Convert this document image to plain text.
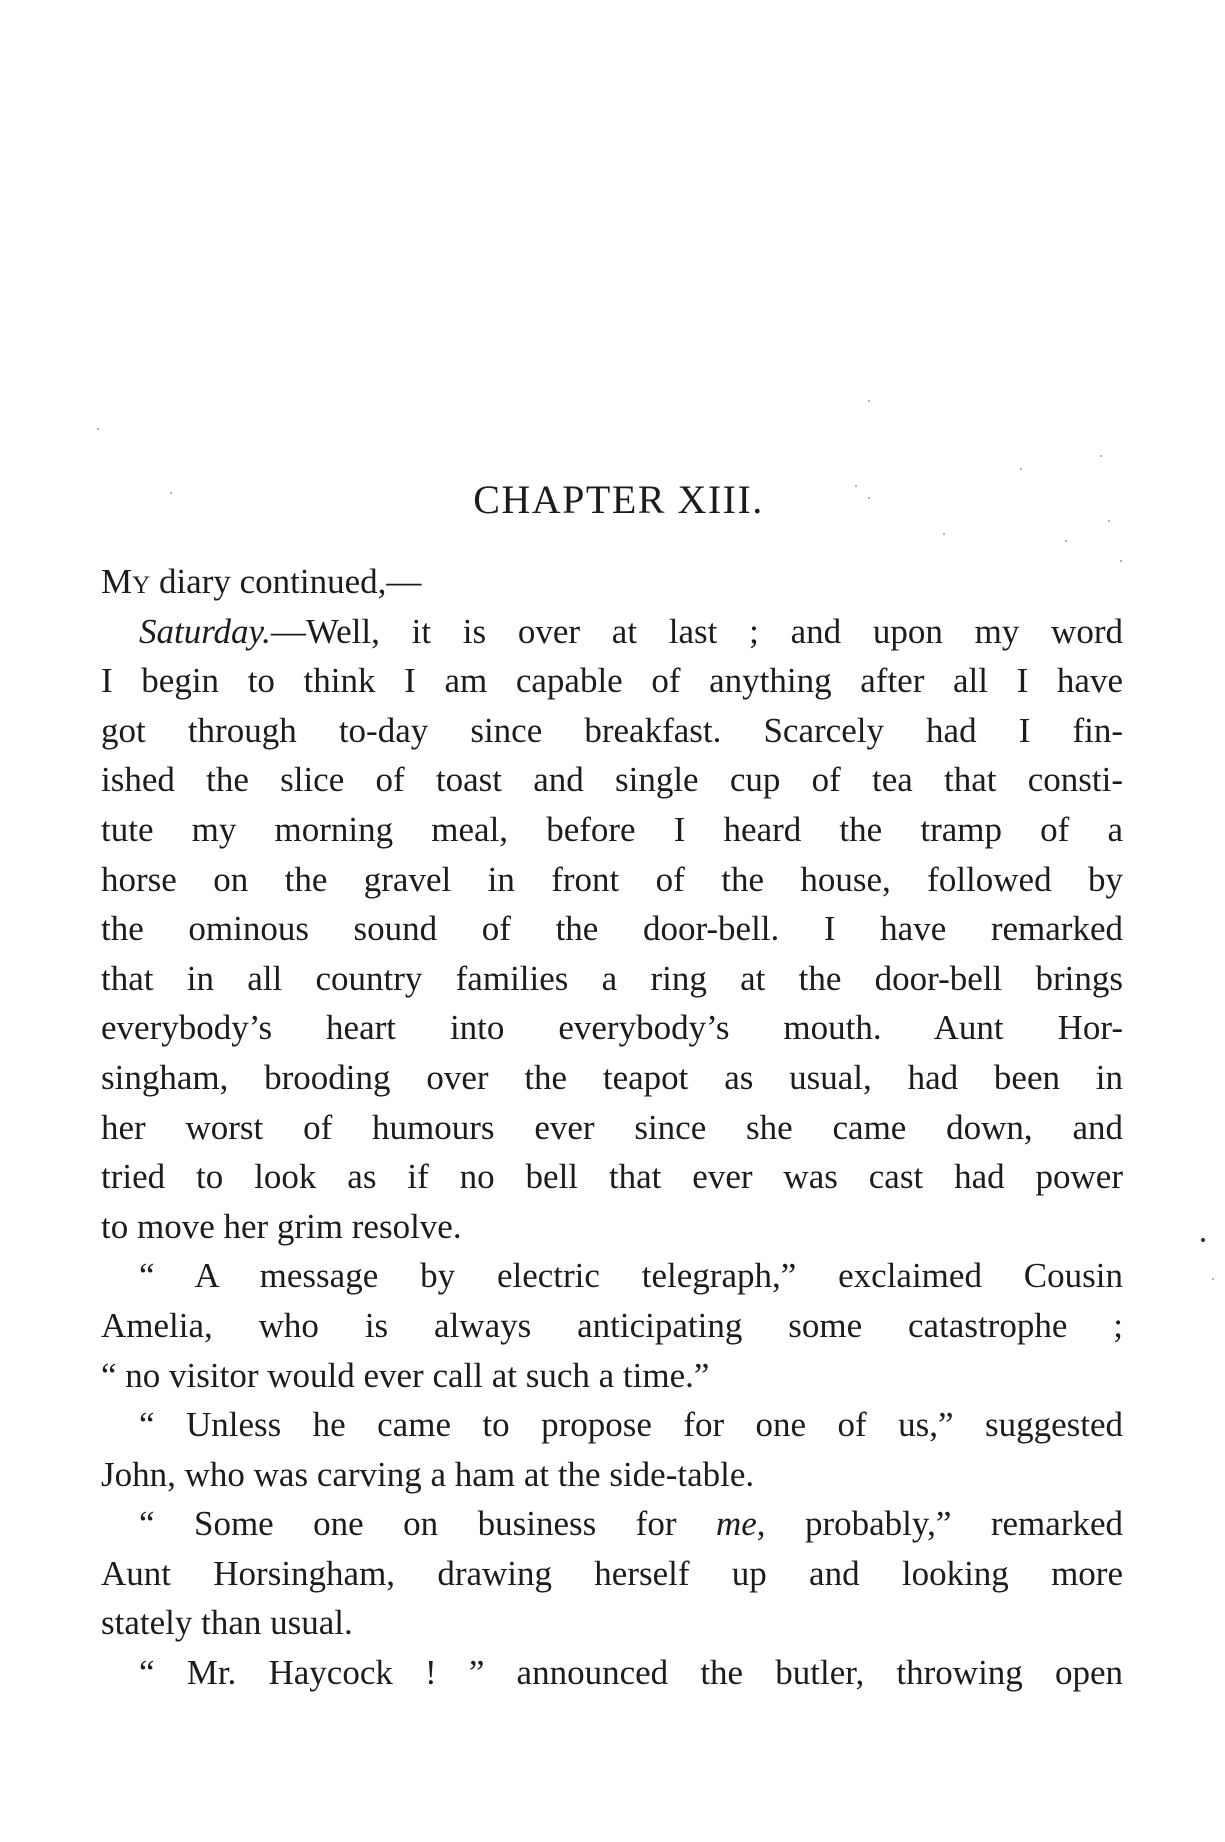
CHAPTER XIII.
My diary continued,—
Saturday.—Well, it is over at last ; and upon my word
I begin to think I am capable of anything after all I have
got through to-day since breakfast. Scarcely had I fin-
ished the slice of toast and single cup of tea that consti-
tute my morning meal, before I heard the tramp of a
horse on the gravel in front of the house, followed by
the ominous sound of the door-bell. I have remarked
that in all country families a ring at the door-bell brings
everybody’s heart into everybody’s mouth. Aunt Hor-
singham, brooding over the teapot as usual, had been in
her worst of humours ever since she came down, and
tried to look as if no bell that ever was cast had power
to move her grim resolve.
“ A message by electric telegraph,” exclaimed Cousin
Amelia, who is always anticipating some catastrophe ;
“ no visitor would ever call at such a time.”
“ Unless he came to propose for one of us,” suggested
John, who was carving a ham at the side-table.
“ Some one on business for me, probably,” remarked
Aunt Horsingham, drawing herself up and looking more
stately than usual.
“ Mr. Haycock ! ” announced the butler, throwing open
